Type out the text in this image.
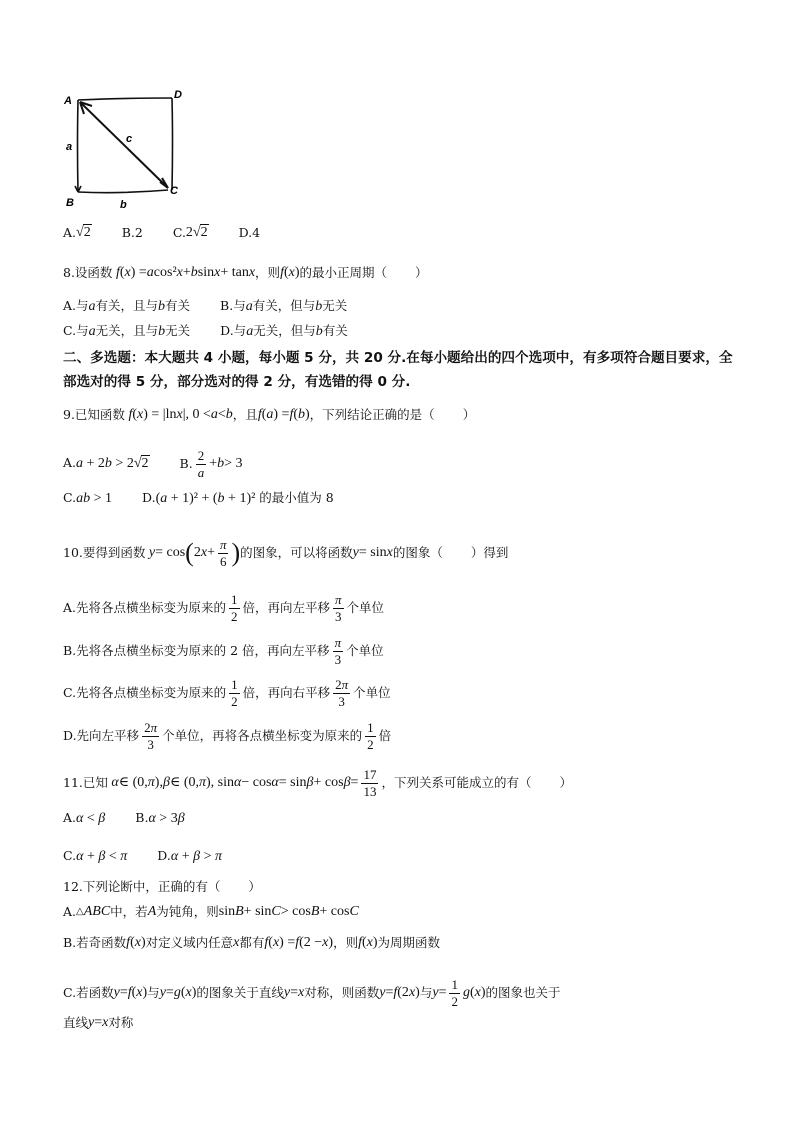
A	D
c
a
C
B	b
A. √2 B.2 C. 2√2 D.4
8.设函数 f ( x ) = a cos² x + b sin x + tan x ，则 f ( x ) 的最小正周期（ ）
A.与a有关，且与b有关 B.与a有关，但与b无关
C.与a无关，且与b无关 D.与a无关，但与b有关

二、多选题：本大题共 4 小题，每小题 5 分，共 20 分.在每小题给出的四个选项中，有多项符合题目要求，全部选对的得 5 分，部分选对的得 2 分，有选错的得 0 分.

9.已知函数 f ( x ) = |ln x |, 0 < a < b ，且 f ( a ) = f ( b ) ，下列结论正确的是（ ）
A.a + 2b > 2√2 B. $\frac{2}{a} + b > 3$
C.ab > 1 D.(a + 1)² + (b + 1)² 的最小值为 8
10.要得到函数 y = cos ( 2 $x + \frac{\pi}{6}$ ) 的图象，可以将函数 y = sin x 的图象（ ）得到
A.先将各点横坐标变为原来的 $\frac{1}{2}$ 倍，再向左平移 $\frac{\pi}{3}$ 个单位
B.先将各点横坐标变为原来的 2 倍，再向左平移 $\frac{\pi}{3}$ 个单位
C.先将各点横坐标变为原来的 $\frac{1}{2}$ 倍，再向右平移 $\frac{2\pi}{3}$ 个单位
D.先向左平移 $\frac{2\pi}{3}$ 个单位，再将各点横坐标变为原来的 $\frac{1}{2}$ 倍
11.已知 α ∈ (0, π ), β ∈ (0, π ), $\sin \alpha - \cos \alpha = \sin \beta + \cos \beta = \frac{17}{13}$ ，下列关系可能成立的有（ ）
A.α < β B.α > 3β
C.α + β < π D.α + β > π
12.下列论断中，正确的有（ ）
A. △ ABC 中，若 A 为钝角，则 sin B + sin C > cos B + cos C
B.若奇函数 f ( x ) 对定义域内任意 x 都有 f ( x ) = f (2 − x ) ，则 f ( x ) 为周期函数
C.若函数 y = f ( x ) 与 y = g ( x ) 的图象关于直线 y = x 对称，则函数 y = f (2 x ) 与 $y = \frac{1}{2}$ g ( x ) 的图象也关于
直线 y = x 对称
